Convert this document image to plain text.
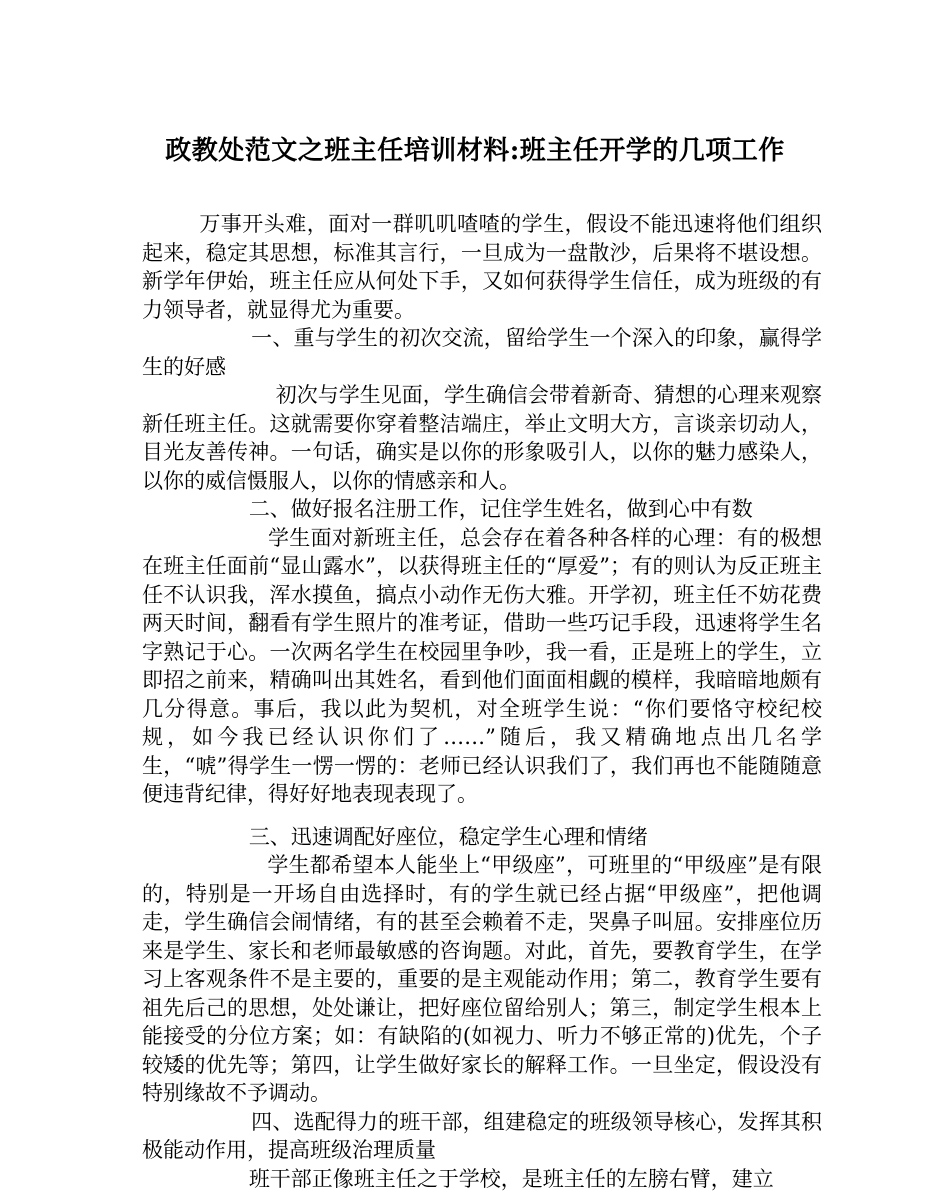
政教处范文之班主任培训材料:班主任开学的几项工作

万事开头难，面对一群叽叽喳喳的学生，假设不能迅速将他们组织起来，稳定其思想，标准其言行，一旦成为一盘散沙，后果将不堪设想。新学年伊始，班主任应从何处下手，又如何获得学生信任，成为班级的有力领导者，就显得尤为重要。

一、重与学生的初次交流，留给学生一个深入的印象，赢得学生的好感

初次与学生见面，学生确信会带着新奇、猜想的心理来观察新任班主任。这就需要你穿着整洁端庄，举止文明大方，言谈亲切动人，目光友善传神。一句话，确实是以你的形象吸引人，以你的魅力感染人，以你的威信慑服人，以你的情感亲和人。

二、做好报名注册工作，记住学生姓名，做到心中有数

学生面对新班主任，总会存在着各种各样的心理：有的极想在班主任面前“显山露水”，以获得班主任的“厚爱”；有的则认为反正班主任不认识我，浑水摸鱼，搞点小动作无伤大雅。开学初，班主任不妨花费两天时间，翻看有学生照片的准考证，借助一些巧记手段，迅速将学生名字熟记于心。一次两名学生在校园里争吵，我一看，正是班上的学生，立即招之前来，精确叫出其姓名，看到他们面面相觑的模样，我暗暗地颇有几分得意。事后，我以此为契机，对全班学生说：“你们要恪守校纪校规，如今我已经认识你们了……”随后，我又精确地点出几名学生，“唬”得学生一愣一愣的：老师已经认识我们了，我们再也不能随随意便违背纪律，得好好地表现表现了。

三、迅速调配好座位，稳定学生心理和情绪

学生都希望本人能坐上“甲级座”，可班里的“甲级座”是有限的，特别是一开场自由选择时，有的学生就已经占据“甲级座”，把他调走，学生确信会闹情绪，有的甚至会赖着不走，哭鼻子叫屈。安排座位历来是学生、家长和老师最敏感的咨询题。对此，首先，要教育学生，在学习上客观条件不是主要的，重要的是主观能动作用；第二，教育学生要有祖先后己的思想，处处谦让，把好座位留给别人；第三，制定学生根本上能接受的分位方案；如：有缺陷的(如视力、听力不够正常的)优先，个子较矮的优先等；第四，让学生做好家长的解释工作。一旦坐定，假设没有特别缘故不予调动。

四、选配得力的班干部，组建稳定的班级领导核心，发挥其积极能动作用，提高班级治理质量

班干部正像班主任之于学校，是班主任的左膀右臂，建立
